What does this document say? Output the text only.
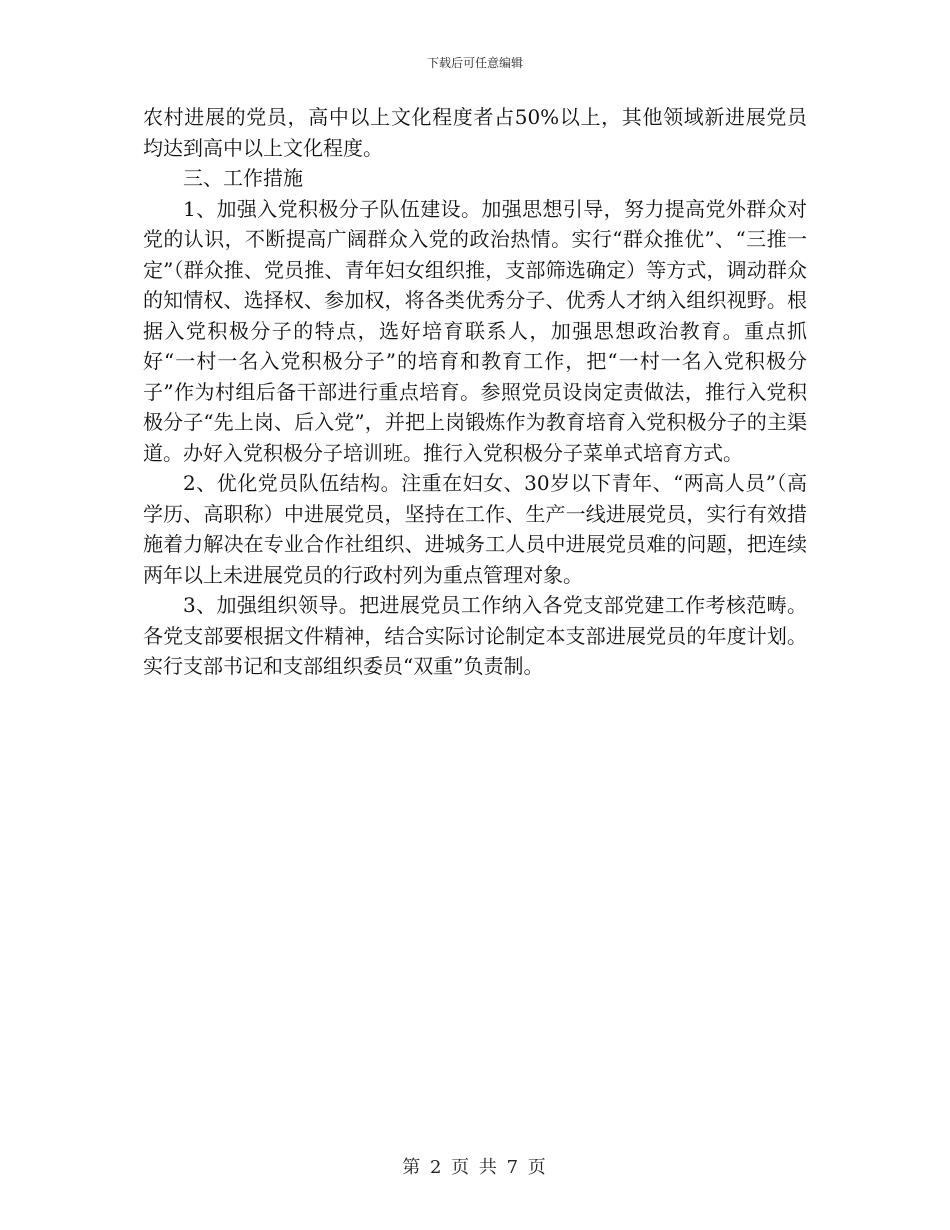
下载后可任意编辑

农村进展的党员，高中以上文化程度者占50%以上，其他领域新进展党员均达到高中以上文化程度。

三、工作措施

1、加强入党积极分子队伍建设。加强思想引导，努力提高党外群众对党的认识，不断提高广阔群众入党的政治热情。实行“群众推优”、“三推一定”（群众推、党员推、青年妇女组织推，支部筛选确定）等方式，调动群众的知情权、选择权、参加权，将各类优秀分子、优秀人才纳入组织视野。根据入党积极分子的特点，选好培育联系人，加强思想政治教育。重点抓好“一村一名入党积极分子”的培育和教育工作，把“一村一名入党积极分子”作为村组后备干部进行重点培育。参照党员设岗定责做法，推行入党积极分子“先上岗、后入党”，并把上岗锻炼作为教育培育入党积极分子的主渠道。办好入党积极分子培训班。推行入党积极分子菜单式培育方式。

2、优化党员队伍结构。注重在妇女、30岁以下青年、“两高人员”（高学历、高职称）中进展党员，坚持在工作、生产一线进展党员，实行有效措施着力解决在专业合作社组织、进城务工人员中进展党员难的问题，把连续两年以上未进展党员的行政村列为重点管理对象。

3、加强组织领导。把进展党员工作纳入各党支部党建工作考核范畴。各党支部要根据文件精神，结合实际讨论制定本支部进展党员的年度计划。实行支部书记和支部组织委员“双重”负责制。

第 2 页 共 7 页
